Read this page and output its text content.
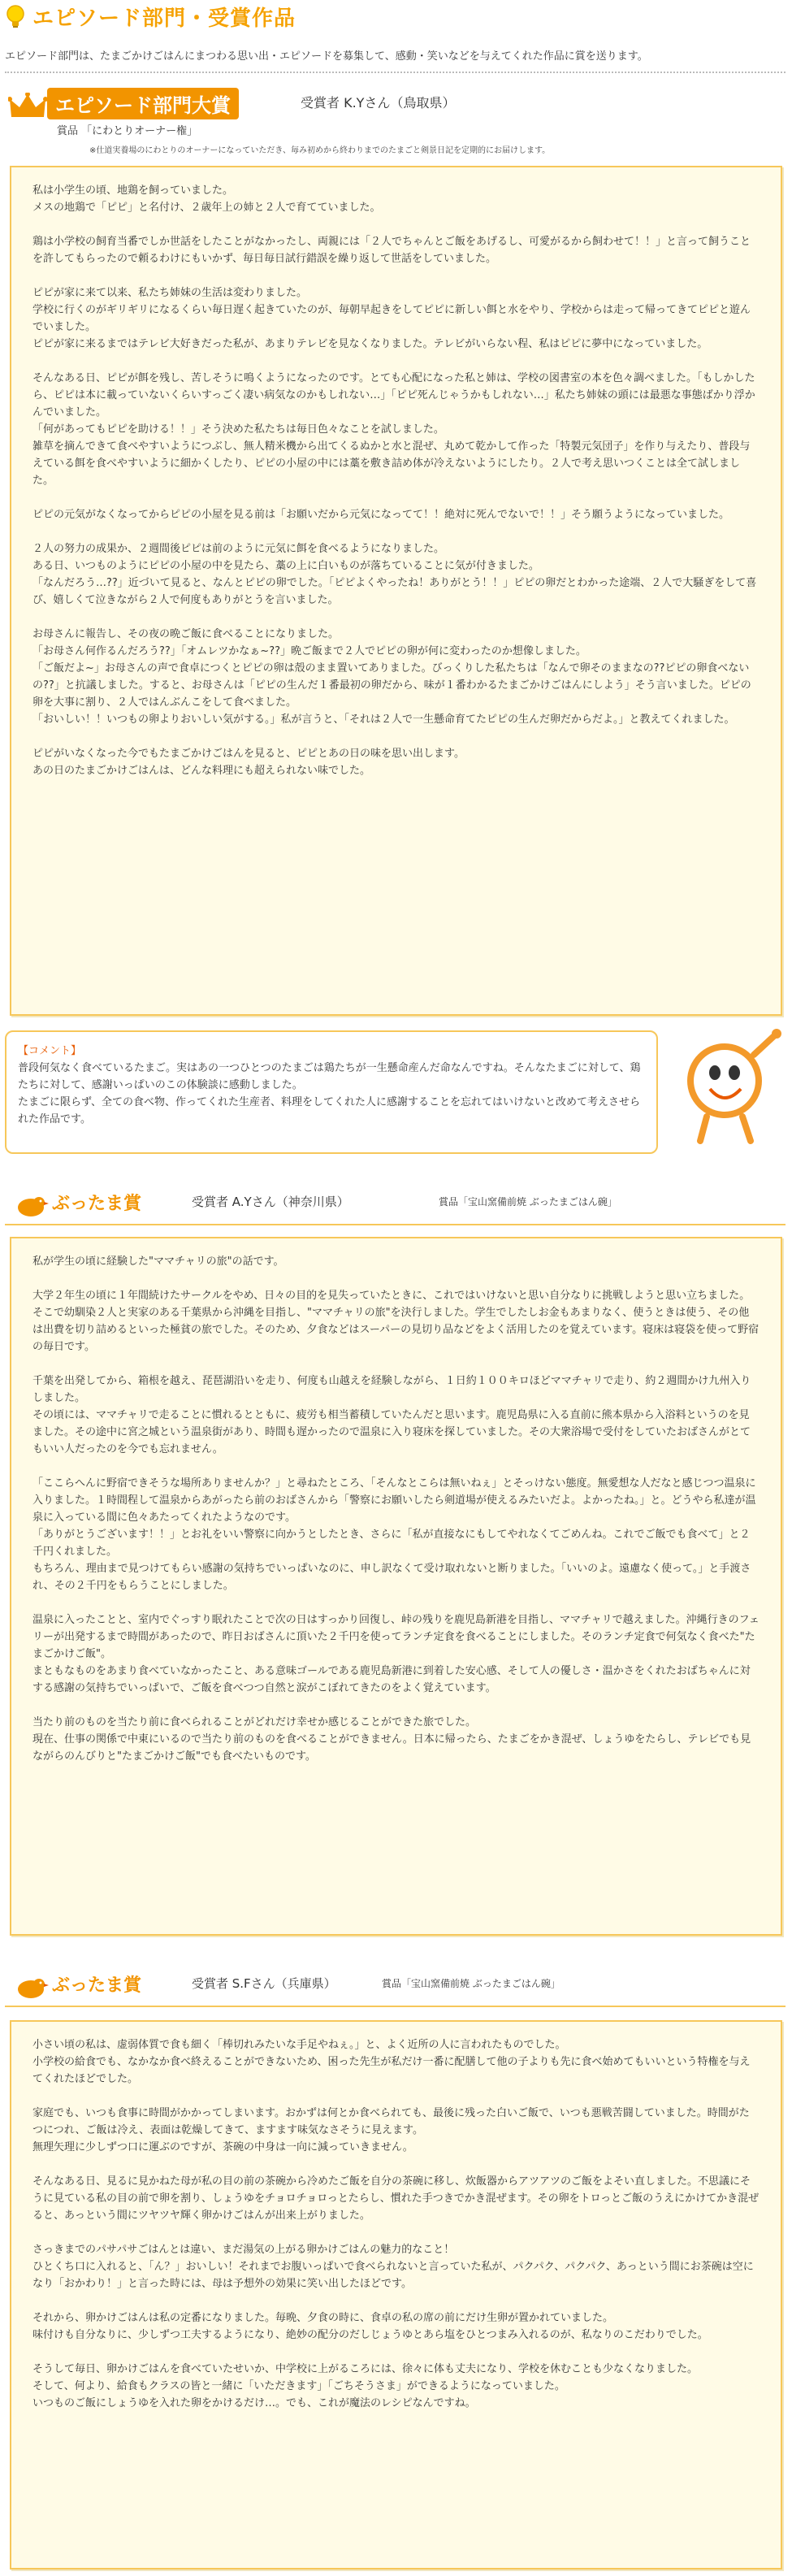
エピソード部門・受賞作品
エピソード部門は、たまごかけごはんにまつわる思い出・エピソードを募集して、感動・笑いなどを与えてくれた作品に賞を送ります。
エピソード部門大賞	受賞者 K.Yさん（鳥取県）
賞品 「にわとりオーナー権」
※仕道実養場のにわとりのオーナーになっていただき、毎み初めから終わりまでのたまごと剣景日記を定期的にお届けします。

私は小学生の頃、地鶏を飼っていました。
メスの地鶏で「ピピ」と名付け、２歳年上の姉と２人で育てていました。

鶏は小学校の飼育当番でしか世話をしたことがなかったし、両親には「２人でちゃんとご飯をあげるし、可愛がるから飼わせて！！」と言って飼うことを許してもらったので頼るわけにもいかず、毎日毎日試行錯誤を繰り返して世話をしていました。

ピピが家に来て以来、私たち姉妹の生活は変わりました。
学校に行くのがギリギリになるくらい毎日遅く起きていたのが、毎朝早起きをしてピピに新しい餌と水をやり、学校からは走って帰ってきてピピと遊んでいました。
ピピが家に来るまではテレビ大好きだった私が、あまりテレビを見なくなりました。テレビがいらない程、私はピピに夢中になっていました。

そんなある日、ピピが餌を残し、苦しそうに鳴くようになったのです。とても心配になった私と姉は、学校の図書室の本を色々調べました。「もしかしたら、ピピは本に載っていないくらいすっごく凄い病気なのかもしれない…」「ピピ死んじゃうかもしれない…」私たち姉妹の頭には最悪な事態ばかり浮かんでいました。
「何があってもピピを助ける！！」そう決めた私たちは毎日色々なことを試しました。
雑草を摘んできて食べやすいようにつぶし、無人精米機から出てくるぬかと水と混ぜ、丸めて乾かして作った「特製元気団子」を作り与えたり、普段与えている餌を食べやすいように細かくしたり、ピピの小屋の中には藁を敷き詰め体が冷えないようにしたり。２人で考え思いつくことは全て試しました。

ピピの元気がなくなってからピピの小屋を見る前は「お願いだから元気になってて！！絶対に死んでないで！！」そう願うようになっていました。

２人の努力の成果か、２週間後ピピは前のように元気に餌を食べるようになりました。
ある日、いつものようにピピの小屋の中を見たら、藁の上に白いものが落ちていることに気が付きました。
「なんだろう…??」近づいて見ると、なんとピピの卵でした。「ピピよくやったね！ありがとう！！」ピピの卵だとわかった途端、２人で大騒ぎをして喜び、嬉しくて泣きながら２人で何度もありがとうを言いました。

お母さんに報告し、その夜の晩ご飯に食べることになりました。
「お母さん何作るんだろう??」「オムレツかなぁ~??」晩ご飯まで２人でピピの卵が何に変わったのか想像しました。
「ご飯だよ~」お母さんの声で食卓につくとピピの卵は殻のまま置いてありました。びっくりした私たちは「なんで卵そのままなの??ピピの卵食べないの??」と抗議しました。すると、お母さんは「ピピの生んだ１番最初の卵だから、味が１番わかるたまごかけごはんにしよう」そう言いました。ピピの卵を大事に割り、２人ではんぶんこをして食べました。
「おいしい！！いつもの卵よりおいしい気がする。」私が言うと、「それは２人で一生懸命育てたピピの生んだ卵だからだよ。」と教えてくれました。

ピピがいなくなった今でもたまごかけごはんを見ると、ピピとあの日の味を思い出します。
あの日のたまごかけごはんは、どんな料理にも超えられない味でした。

【コメント】
普段何気なく食べているたまご。実はあの一つひとつのたまごは鶏たちが一生懸命産んだ命なんですね。そんなたまごに対して、鶏たちに対して、感謝いっぱいのこの体験談に感動しました。
たまごに限らず、全ての食べ物、作ってくれた生産者、料理をしてくれた人に感謝することを忘れてはいけないと改めて考えさせられた作品です。
ぶったま賞	受賞者 A.Yさん（神奈川県）	賞品「宝山窯備前焼 ぶったまごはん碗」

私が学生の頃に経験した"ママチャリの旅"の話です。

大学２年生の頃に１年間続けたサークルをやめ、日々の目的を見失っていたときに、これではいけないと思い自分なりに挑戦しようと思い立ちました。
そこで幼馴染２人と実家のある千葉県から沖縄を目指し、"ママチャリの旅"を決行しました。学生でしたしお金もあまりなく、使うときは使う、その他は出費を切り詰めるといった極貧の旅でした。そのため、夕食などはスーパーの見切り品などをよく活用したのを覚えています。寝床は寝袋を使って野宿の毎日です。

千葉を出発してから、箱根を越え、琵琶湖沿いを走り、何度も山越えを経験しながら、１日約１００キロほどママチャリで走り、約２週間かけ九州入りしました。
その頃には、ママチャリで走ることに慣れるとともに、疲労も相当蓄積していたんだと思います。鹿児島県に入る直前に熊本県から入浴料というのを見ました。その途中に宮之城という温泉街があり、時間も遅かったので温泉に入り寝床を探していました。その大衆浴場で受付をしていたおばさんがとてもいい人だったのを今でも忘れません。

「ここらへんに野宿できそうな場所ありませんか？」と尋ねたところ、「そんなとこらは無いねぇ」とそっけない態度。無愛想な人だなと感じつつ温泉に入りました。１時間程して温泉からあがったら前のおばさんから「警察にお願いしたら剣道場が使えるみたいだよ。よかったね。」と。どうやら私達が温泉に入っている間に色々あたってくれたようなのです。
「ありがとうございます！！」とお礼をいい警察に向かうとしたとき、さらに「私が直接なにもしてやれなくてごめんね。これでご飯でも食べて」と２千円くれました。
もちろん、理由まで見つけてもらい感謝の気持ちでいっぱいなのに、申し訳なくて受け取れないと断りました。「いいのよ。遠慮なく使って。」と手渡され、その２千円をもらうことにしました。

温泉に入ったことと、室内でぐっすり眠れたことで次の日はすっかり回復し、峠の残りを鹿児島新港を目指し、ママチャリで越えました。沖縄行きのフェリーが出発するまで時間があったので、昨日おばさんに頂いた２千円を使ってランチ定食を食べることにしました。そのランチ定食で何気なく食べた"たまごかけご飯"。
まともなものをあまり食べていなかったこと、ある意味ゴールである鹿児島新港に到着した安心感、そして人の優しさ・温かさをくれたおばちゃんに対する感謝の気持ちでいっぱいで、ご飯を食べつつ自然と涙がこぼれてきたのをよく覚えています。

当たり前のものを当たり前に食べられることがどれだけ幸せか感じることができた旅でした。
現在、仕事の関係で中東にいるので当たり前のものを食べることができません。日本に帰ったら、たまごをかき混ぜ、しょうゆをたらし、テレビでも見ながらのんびりと"たまごかけご飯"でも食べたいものです。

ぶったま賞	受賞者 S.Fさん（兵庫県）	賞品「宝山窯備前焼 ぶったまごはん碗」

小さい頃の私は、虚弱体質で食も細く「棒切れみたいな手足やねぇ。」と、よく近所の人に言われたものでした。
小学校の給食でも、なかなか食べ終えることができないため、困った先生が私だけ一番に配膳して他の子よりも先に食べ始めてもいいという特権を与えてくれたほどでした。

家庭でも、いつも食事に時間がかかってしまいます。おかずは何とか食べられても、最後に残った白いご飯で、いつも悪戦苦闘していました。時間がたつにつれ、ご飯は冷え、表面は乾燥してきて、ますます味気なさそうに見えます。
無理矢理に少しずつ口に運ぶのですが、茶碗の中身は一向に減っていきません。

そんなある日、見るに見かねた母が私の目の前の茶碗から冷めたご飯を自分の茶碗に移し、炊飯器からアツアツのご飯をよそい直しました。不思議にそうに見ている私の目の前で卵を割り、しょうゆをチョロチョロっとたらし、慣れた手つきでかき混ぜます。その卵をトロっとご飯のうえにかけてかき混ぜると、あっという間にツヤツヤ輝く卵かけごはんが出来上がりました。

さっきまでのパサパサごはんとは違い、まだ湯気の上がる卵かけごはんの魅力的なこと！
ひとくち口に入れると、「ん？」おいしい！それまでお腹いっぱいで食べられないと言っていた私が、パクパク、パクパク、あっという間にお茶碗は空になり「おかわり！」と言った時には、母は予想外の効果に笑い出したほどです。

それから、卵かけごはんは私の定番になりました。毎晩、夕食の時に、食卓の私の席の前にだけ生卵が置かれていました。
味付けも自分なりに、少しずつ工夫するようになり、絶妙の配分のだしじょうゆとあら塩をひとつまみ入れるのが、私なりのこだわりでした。

そうして毎日、卵かけごはんを食べていたせいか、中学校に上がるころには、徐々に体も丈夫になり、学校を休むことも少なくなりました。
そして、何より、給食もクラスの皆と一緒に「いただきます」「ごちそうさま」ができるようになっていました。
いつものご飯にしょうゆを入れた卵をかけるだけ…。でも、これが魔法のレシピなんですね。
